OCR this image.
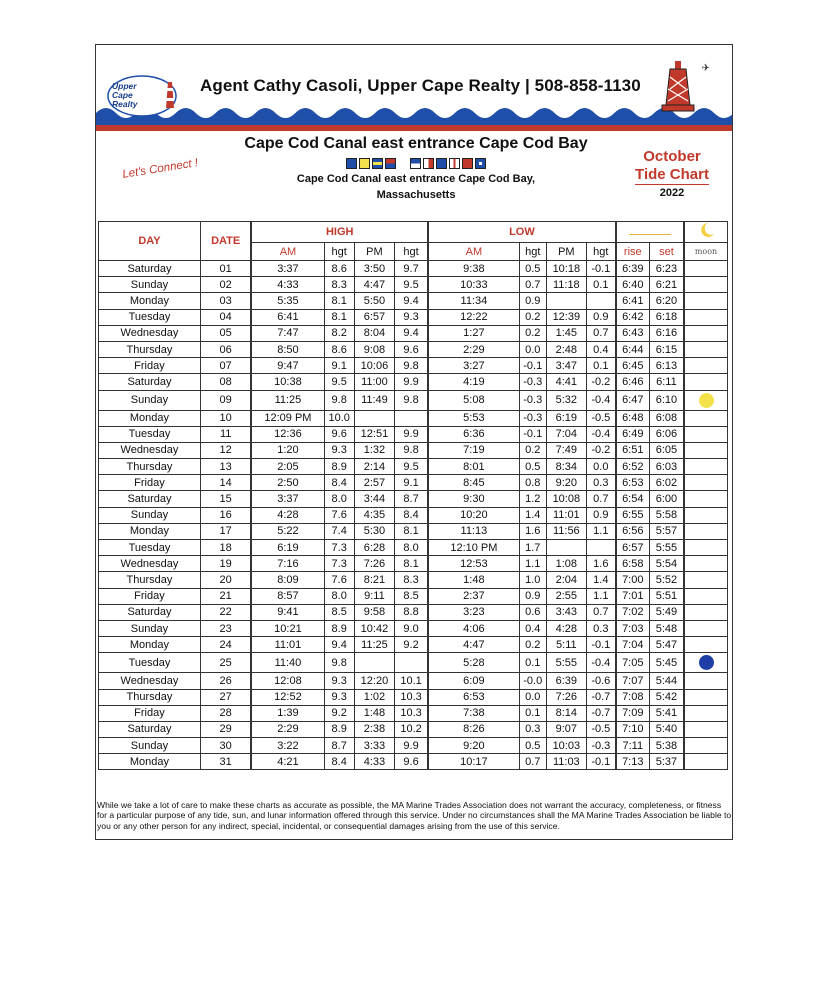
Upper
Cape
Realty
Agent Cathy Casoli, Upper Cape Realty | 508-858-1130
✈
Cape Cod Canal east entrance Cape Cod Bay
Cape Cod Canal east entrance Cape Cod Bay,
Massachusetts
Let's Connect !
October
Tide Chart
2022
DAY	DATE	HIGH				LOW		
		AM	hgt	PM	hgt	AM	hgt	PM	hgt	rise	set	moon
Saturday	01	3:37	8.6	3:50	9.7	9:38	0.5	10:18	-0.1	6:39	6:23	
Sunday	02	4:33	8.3	4:47	9.5	10:33	0.7	11:18	0.1	6:40	6:21	
Monday	03	5:35	8.1	5:50	9.4	11:34	0.9			6:41	6:20	
Tuesday	04	6:41	8.1	6:57	9.3	12:22	0.2	12:39	0.9	6:42	6:18	
Wednesday	05	7:47	8.2	8:04	9.4	1:27	0.2	1:45	0.7	6:43	6:16	
Thursday	06	8:50	8.6	9:08	9.6	2:29	0.0	2:48	0.4	6:44	6:15	
Friday	07	9:47	9.1	10:06	9.8	3:27	-0.1	3:47	0.1	6:45	6:13	
Saturday	08	10:38	9.5	11:00	9.9	4:19	-0.3	4:41	-0.2	6:46	6:11	
Sunday	09	11:25	9.8	11:49	9.8	5:08	-0.3	5:32	-0.4	6:47	6:10	
Monday	10	12:09 PM	10.0			5:53	-0.3	6:19	-0.5	6:48	6:08	
Tuesday	11	12:36	9.6	12:51	9.9	6:36	-0.1	7:04	-0.4	6:49	6:06	
Wednesday	12	1:20	9.3	1:32	9.8	7:19	0.2	7:49	-0.2	6:51	6:05	
Thursday	13	2:05	8.9	2:14	9.5	8:01	0.5	8:34	0.0	6:52	6:03	
Friday	14	2:50	8.4	2:57	9.1	8:45	0.8	9:20	0.3	6:53	6:02	
Saturday	15	3:37	8.0	3:44	8.7	9:30	1.2	10:08	0.7	6:54	6:00	
Sunday	16	4:28	7.6	4:35	8.4	10:20	1.4	11:01	0.9	6:55	5:58	
Monday	17	5:22	7.4	5:30	8.1	11:13	1.6	11:56	1.1	6:56	5:57	
Tuesday	18	6:19	7.3	6:28	8.0	12:10 PM	1.7			6:57	5:55	
Wednesday	19	7:16	7.3	7:26	8.1	12:53	1.1	1:08	1.6	6:58	5:54	
Thursday	20	8:09	7.6	8:21	8.3	1:48	1.0	2:04	1.4	7:00	5:52	
Friday	21	8:57	8.0	9:11	8.5	2:37	0.9	2:55	1.1	7:01	5:51	
Saturday	22	9:41	8.5	9:58	8.8	3:23	0.6	3:43	0.7	7:02	5:49	
Sunday	23	10:21	8.9	10:42	9.0	4:06	0.4	4:28	0.3	7:03	5:48	
Monday	24	11:01	9.4	11:25	9.2	4:47	0.2	5:11	-0.1	7:04	5:47	
Tuesday	25	11:40	9.8			5:28	0.1	5:55	-0.4	7:05	5:45	
Wednesday	26	12:08	9.3	12:20	10.1	6:09	-0.0	6:39	-0.6	7:07	5:44	
Thursday	27	12:52	9.3	1:02	10.3	6:53	0.0	7:26	-0.7	7:08	5:42	
Friday	28	1:39	9.2	1:48	10.3	7:38	0.1	8:14	-0.7	7:09	5:41	
Saturday	29	2:29	8.9	2:38	10.2	8:26	0.3	9:07	-0.5	7:10	5:40	
Sunday	30	3:22	8.7	3:33	9.9	9:20	0.5	10:03	-0.3	7:11	5:38	
Monday	31	4:21	8.4	4:33	9.6	10:17	0.7	11:03	-0.1	7:13	5:37	
While we take a lot of care to make these charts as accurate as possible, the MA Marine Trades Association does not warrant the accuracy, completeness, or fitness for a particular purpose of any tide, sun, and lunar information offered through this service. Under no circumstances shall the MA Marine Trades Association be liable to you or any other person for any indirect, special, incidental, or consequential damages arising from the use of this service.
